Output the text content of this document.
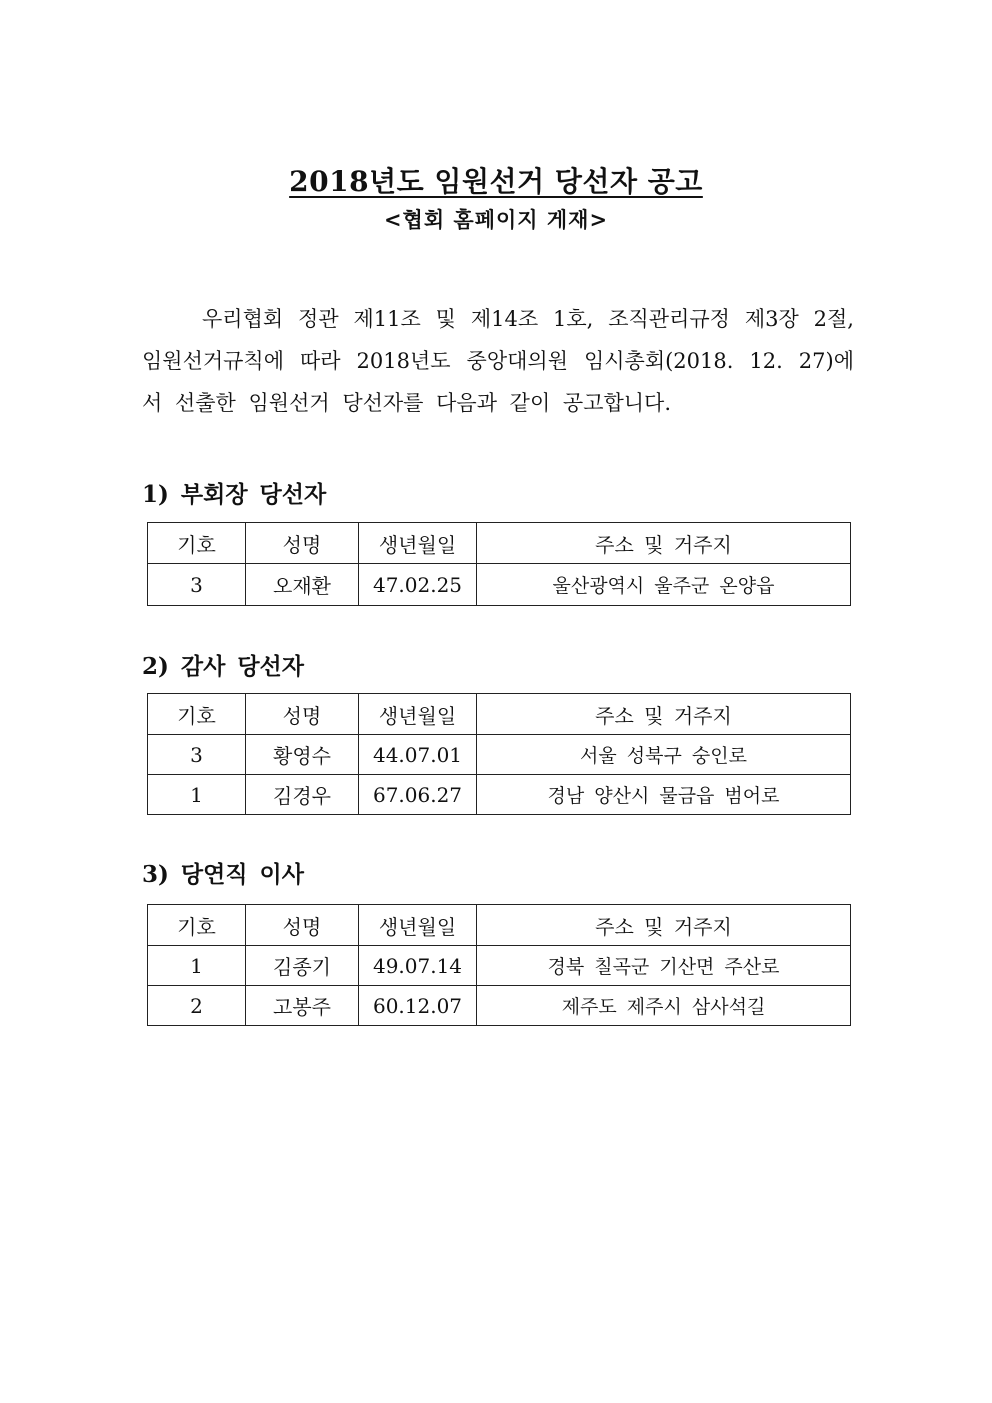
2018년도 임원선거 당선자 공고
<협회 홈페이지 게재>

우리협회 정관 제11조 및 제14조 1호, 조직관리규정 제3장 2절, 임원선거규칙에 따라 2018년도 중앙대의원 임시총회(2018. 12. 27)에서 선출한 임원선거 당선자를 다음과 같이 공고합니다.

1) 부회장 당선자
기호	성명	생년월일	주소 및 거주지
3	오재환	47.02.25	울산광역시 울주군 온양읍
2) 감사 당선자
기호	성명	생년월일	주소 및 거주지
3	황영수	44.07.01	서울 성북구 숭인로
1	김경우	67.06.27	경남 양산시 물금읍 범어로
3) 당연직 이사
기호	성명	생년월일	주소 및 거주지
1	김종기	49.07.14	경북 칠곡군 기산면 주산로
2	고봉주	60.12.07	제주도 제주시 삼사석길
